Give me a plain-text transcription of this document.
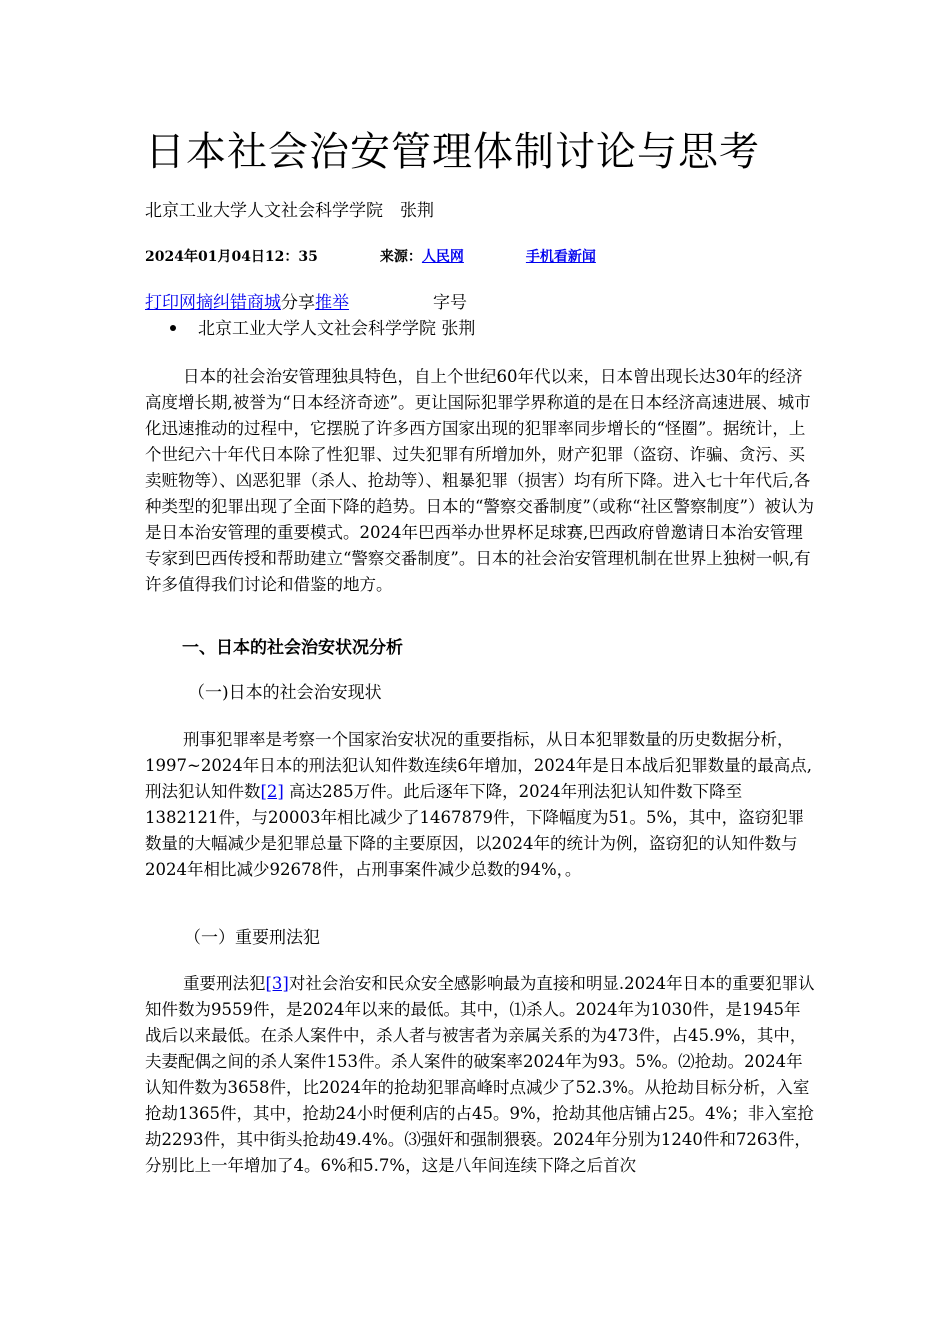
日本社会治安管理体制讨论与思考
北京工业大学人文社会科学学院　张荆
2024年01月04日12：35	来源：人民网	手机看新闻
打印网摘纠错商城分享推举	字号
北京工业大学人文社会科学学院 张荆
日本的社会治安管理独具特色，自上个世纪60年代以来，日本曾出现长达30年的经济高度增长期,被誉为“日本经济奇迹”。更让国际犯罪学界称道的是在日本经济高速进展、城市化迅速推动的过程中，它摆脱了许多西方国家出现的犯罪率同步增长的“怪圈”。据统计，上个世纪六十年代日本除了性犯罪、过失犯罪有所增加外，财产犯罪（盗窃、诈骗、贪污、买卖赃物等）、凶恶犯罪（杀人、抢劫等）、粗暴犯罪（损害）均有所下降。进入七十年代后,各种类型的犯罪出现了全面下降的趋势。日本的“警察交番制度”（或称“社区警察制度”）被认为是日本治安管理的重要模式。2024年巴西举办世界杯足球赛,巴西政府曾邀请日本治安管理专家到巴西传授和帮助建立“警察交番制度”。日本的社会治安管理机制在世界上独树一帜,有许多值得我们讨论和借鉴的地方。
一、日本的社会治安状况分析
（一)日本的社会治安现状
刑事犯罪率是考察一个国家治安状况的重要指标，从日本犯罪数量的历史数据分析，1997~2024年日本的刑法犯认知件数连续6年增加，2024年是日本战后犯罪数量的最高点,刑法犯认知件数[2] 高达285万件。此后逐年下降，2024年刑法犯认知件数下降至1382121件，与20003年相比减少了1467879件，下降幅度为51。5%，其中，盗窃犯罪数量的大幅减少是犯罪总量下降的主要原因，以2024年的统计为例，盗窃犯的认知件数与2024年相比减少92678件，占刑事案件减少总数的94%，。
（一）重要刑法犯
重要刑法犯[3]对社会治安和民众安全感影响最为直接和明显.2024年日本的重要犯罪认知件数为9559件，是2024年以来的最低。其中，⑴杀人。2024年为1030件，是1945年战后以来最低。在杀人案件中，杀人者与被害者为亲属关系的为473件，占45.9%，其中，夫妻配偶之间的杀人案件153件。杀人案件的破案率2024年为93。5%。⑵抢劫。2024年认知件数为3658件，比2024年的抢劫犯罪高峰时点减少了52.3%。从抢劫目标分析，入室抢劫1365件，其中，抢劫24小时便利店的占45。9%，抢劫其他店铺占25。4%；非入室抢劫2293件，其中街头抢劫49.4%。⑶强奸和强制猥亵。2024年分别为1240件和7263件，分别比上一年增加了4。6%和5.7%，这是八年间连续下降之后首次
